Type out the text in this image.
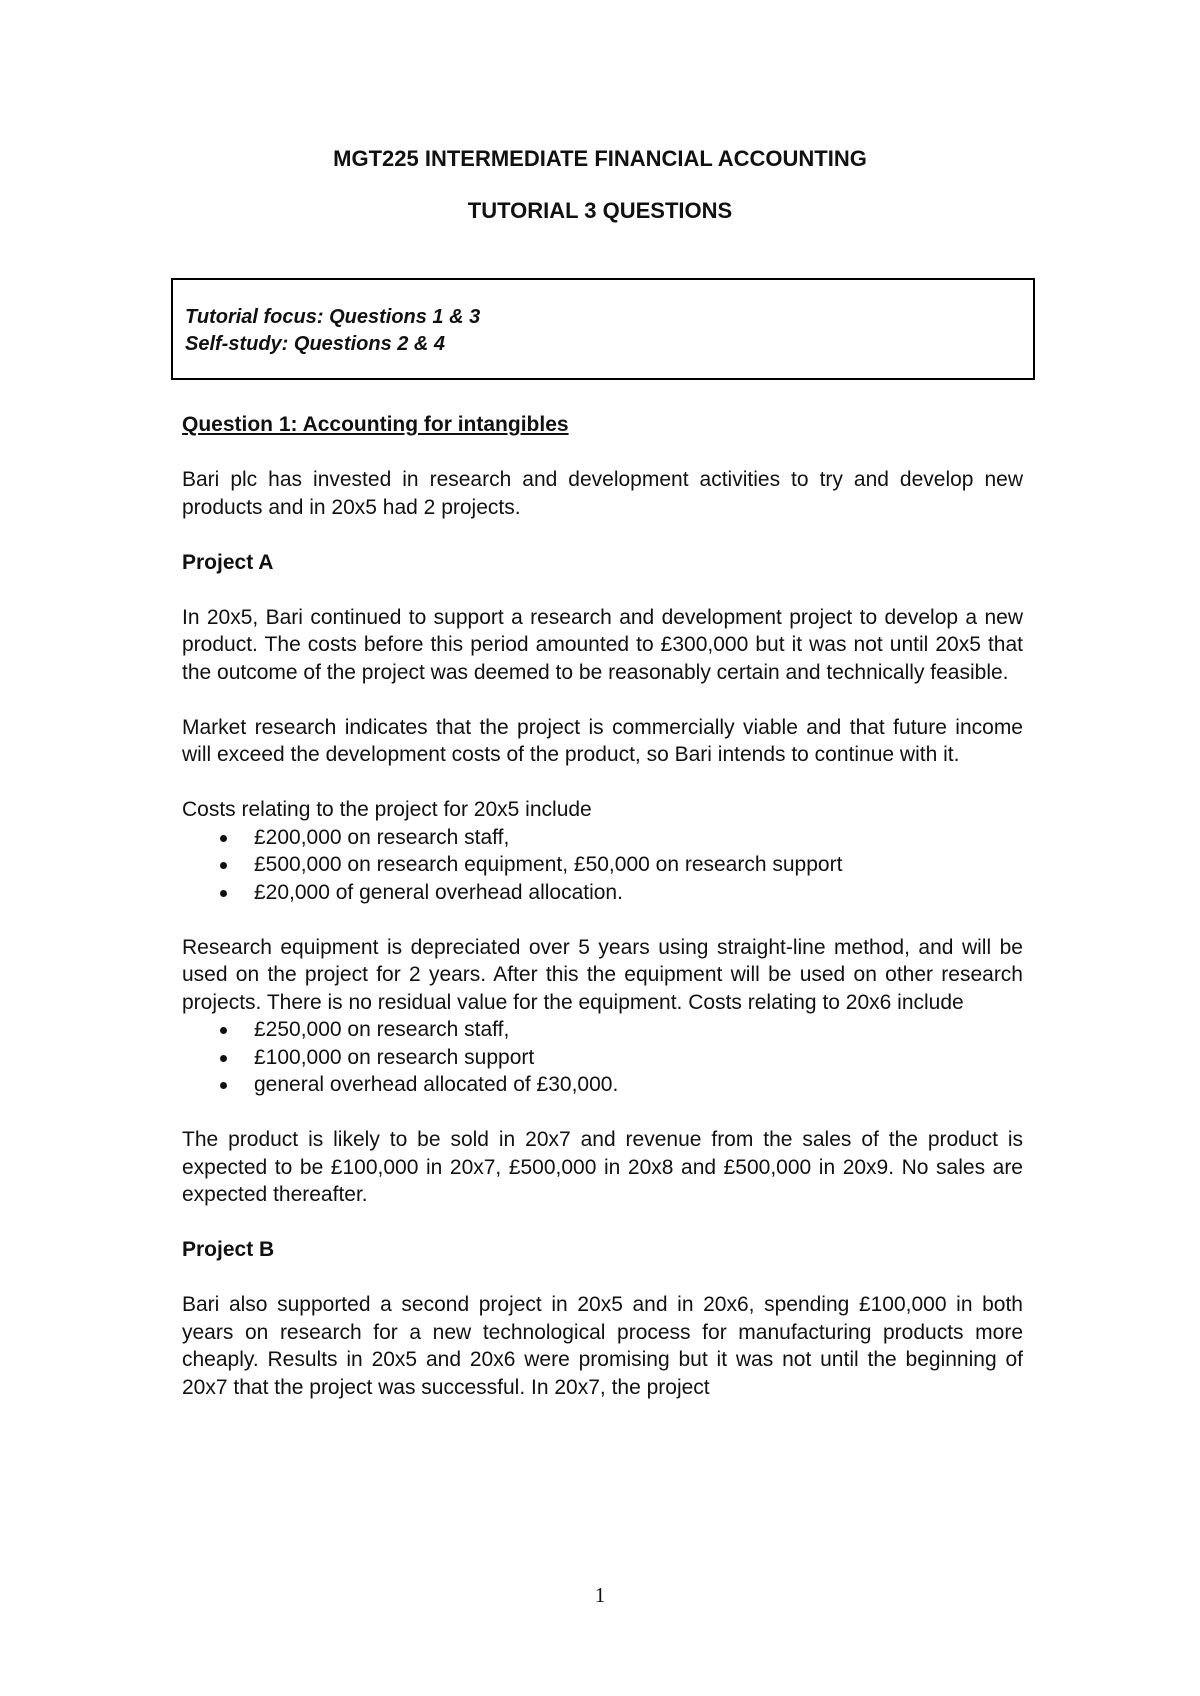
MGT225 INTERMEDIATE FINANCIAL ACCOUNTING
TUTORIAL 3 QUESTIONS
Tutorial focus: Questions 1 & 3
Self-study: Questions 2 & 4
Question 1: Accounting for intangibles

Bari plc has invested in research and development activities to try and develop new products and in 20x5 had 2 projects.

Project A

In 20x5, Bari continued to support a research and development project to develop a new product. The costs before this period amounted to £300,000 but it was not until 20x5 that the outcome of the project was deemed to be reasonably certain and technically feasible.

Market research indicates that the project is commercially viable and that future income will exceed the development costs of the product, so Bari intends to continue with it.

Costs relating to the project for 20x5 include

£200,000 on research staff,
£500,000 on research equipment, £50,000 on research support
£20,000 of general overhead allocation.

Research equipment is depreciated over 5 years using straight-line method, and will be used on the project for 2 years. After this the equipment will be used on other research projects. There is no residual value for the equipment. Costs relating to 20x6 include

£250,000 on research staff,
£100,000 on research support
general overhead allocated of £30,000.

The product is likely to be sold in 20x7 and revenue from the sales of the product is expected to be £100,000 in 20x7, £500,000 in 20x8 and £500,000 in 20x9. No sales are expected thereafter.

Project B

Bari also supported a second project in 20x5 and in 20x6, spending £100,000 in both years on research for a new technological process for manufacturing products more cheaply. Results in 20x5 and 20x6 were promising but it was not until the beginning of 20x7 that the project was successful. In 20x7, the project

1
